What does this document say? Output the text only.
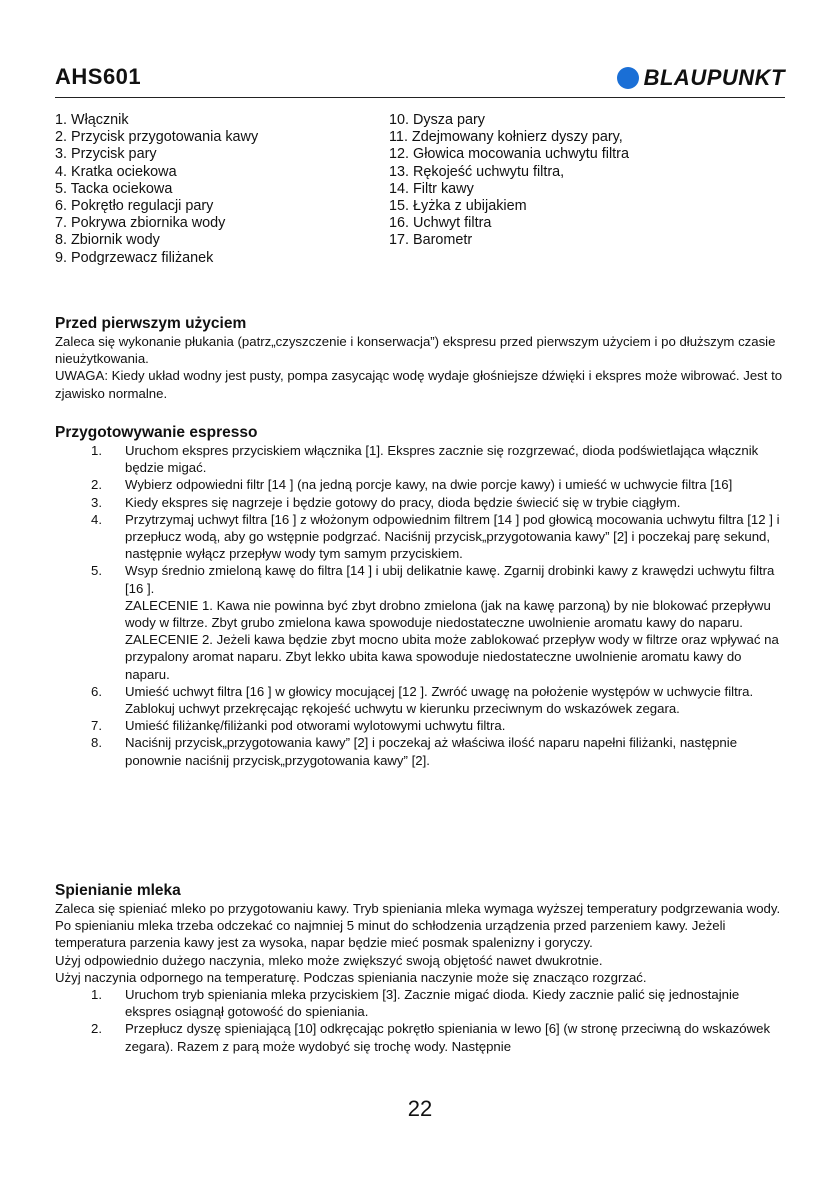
AHS601	BLAUPUNKT
1. Włącznik
2. Przycisk przygotowania kawy
3. Przycisk pary
4. Kratka ociekowa
5. Tacka ociekowa
6. Pokrętło regulacji pary
7. Pokrywa zbiornika wody
8. Zbiornik wody
9. Podgrzewacz filiżanek
10. Dysza pary
11. Zdejmowany kołnierz dyszy pary,
12. Głowica mocowania uchwytu filtra
13. Rękojeść uchwytu filtra,
14. Filtr kawy
15. Łyżka z ubijakiem
16. Uchwyt filtra
17. Barometr
Przed pierwszym użyciem

Zaleca się wykonanie płukania (patrz„czyszczenie i konserwacja”) ekspresu przed pierwszym użyciem i po dłuższym czasie nieużytkowania.

UWAGA: Kiedy układ wodny jest pusty, pompa zasycając wodę wydaje głośniejsze dźwięki i ekspres może wibrować. Jest to zjawisko normalne.

Przygotowywanie espresso
1. Uruchom ekspres przyciskiem włącznika [1]. Ekspres zacznie się rozgrzewać, dioda podświetlająca włącznik będzie migać.
2. Wybierz odpowiedni filtr [14 ] (na jedną porcje kawy, na dwie porcje kawy) i umieść w uchwycie filtra [16]
3. Kiedy ekspres się nagrzeje i będzie gotowy do pracy, dioda będzie świecić się w trybie ciągłym.
4. Przytrzymaj uchwyt filtra [16 ] z włożonym odpowiednim filtrem [14 ] pod głowicą mocowania uchwytu filtra [12 ] i przepłucz wodą, aby go wstępnie podgrzać. Naciśnij przycisk„przygotowania kawy” [2] i poczekaj parę sekund, następnie wyłącz przepływ wody tym samym przyciskiem.
5. Wsyp średnio zmieloną kawę do filtra [14 ] i ubij delikatnie kawę. Zgarnij drobinki kawy z krawędzi uchwytu filtra [16 ].
ZALECENIE 1. Kawa nie powinna być zbyt drobno zmielona (jak na kawę parzoną) by nie blokować przepływu wody w filtrze. Zbyt grubo zmielona kawa spowoduje niedostateczne uwolnienie aromatu kawy do naparu.
ZALECENIE 2. Jeżeli kawa będzie zbyt mocno ubita może zablokować przepływ wody w filtrze oraz wpływać na przypalony aromat naparu. Zbyt lekko ubita kawa spowoduje niedostateczne uwolnienie aromatu kawy do naparu.
6. Umieść uchwyt filtra [16 ] w głowicy mocującej [12 ]. Zwróć uwagę na położenie występów w uchwycie filtra. Zablokuj uchwyt przekręcając rękojeść uchwytu w kierunku przeciwnym do wskazówek zegara.
7. Umieść filiżankę/filiżanki pod otworami wylotowymi uchwytu filtra.
8. Naciśnij przycisk„przygotowania kawy” [2] i poczekaj aż właściwa ilość naparu napełni filiżanki, następnie ponownie naciśnij przycisk„przygotowania kawy” [2].
Spienianie mleka

Zaleca się spieniać mleko po przygotowaniu kawy. Tryb spieniania mleka wymaga wyższej temperatury podgrzewania wody. Po spienianiu mleka trzeba odczekać co najmniej 5 minut do schłodzenia urządzenia przed parzeniem kawy. Jeżeli temperatura parzenia kawy jest za wysoka, napar będzie mieć posmak spalenizny i goryczy.

Użyj odpowiednio dużego naczynia, mleko może zwiększyć swoją objętość nawet dwukrotnie.

Użyj naczynia odpornego na temperaturę. Podczas spieniania naczynie może się znacząco rozgrzać.

1. Uruchom tryb spieniania mleka przyciskiem [3]. Zacznie migać dioda. Kiedy zacznie palić się jednostajnie ekspres osiągnął gotowość do spieniania.
2. Przepłucz dyszę spieniającą [10] odkręcając pokrętło spieniania w lewo [6] (w stronę przeciwną do wskazówek zegara). Razem z parą może wydobyć się trochę wody. Następnie
22
